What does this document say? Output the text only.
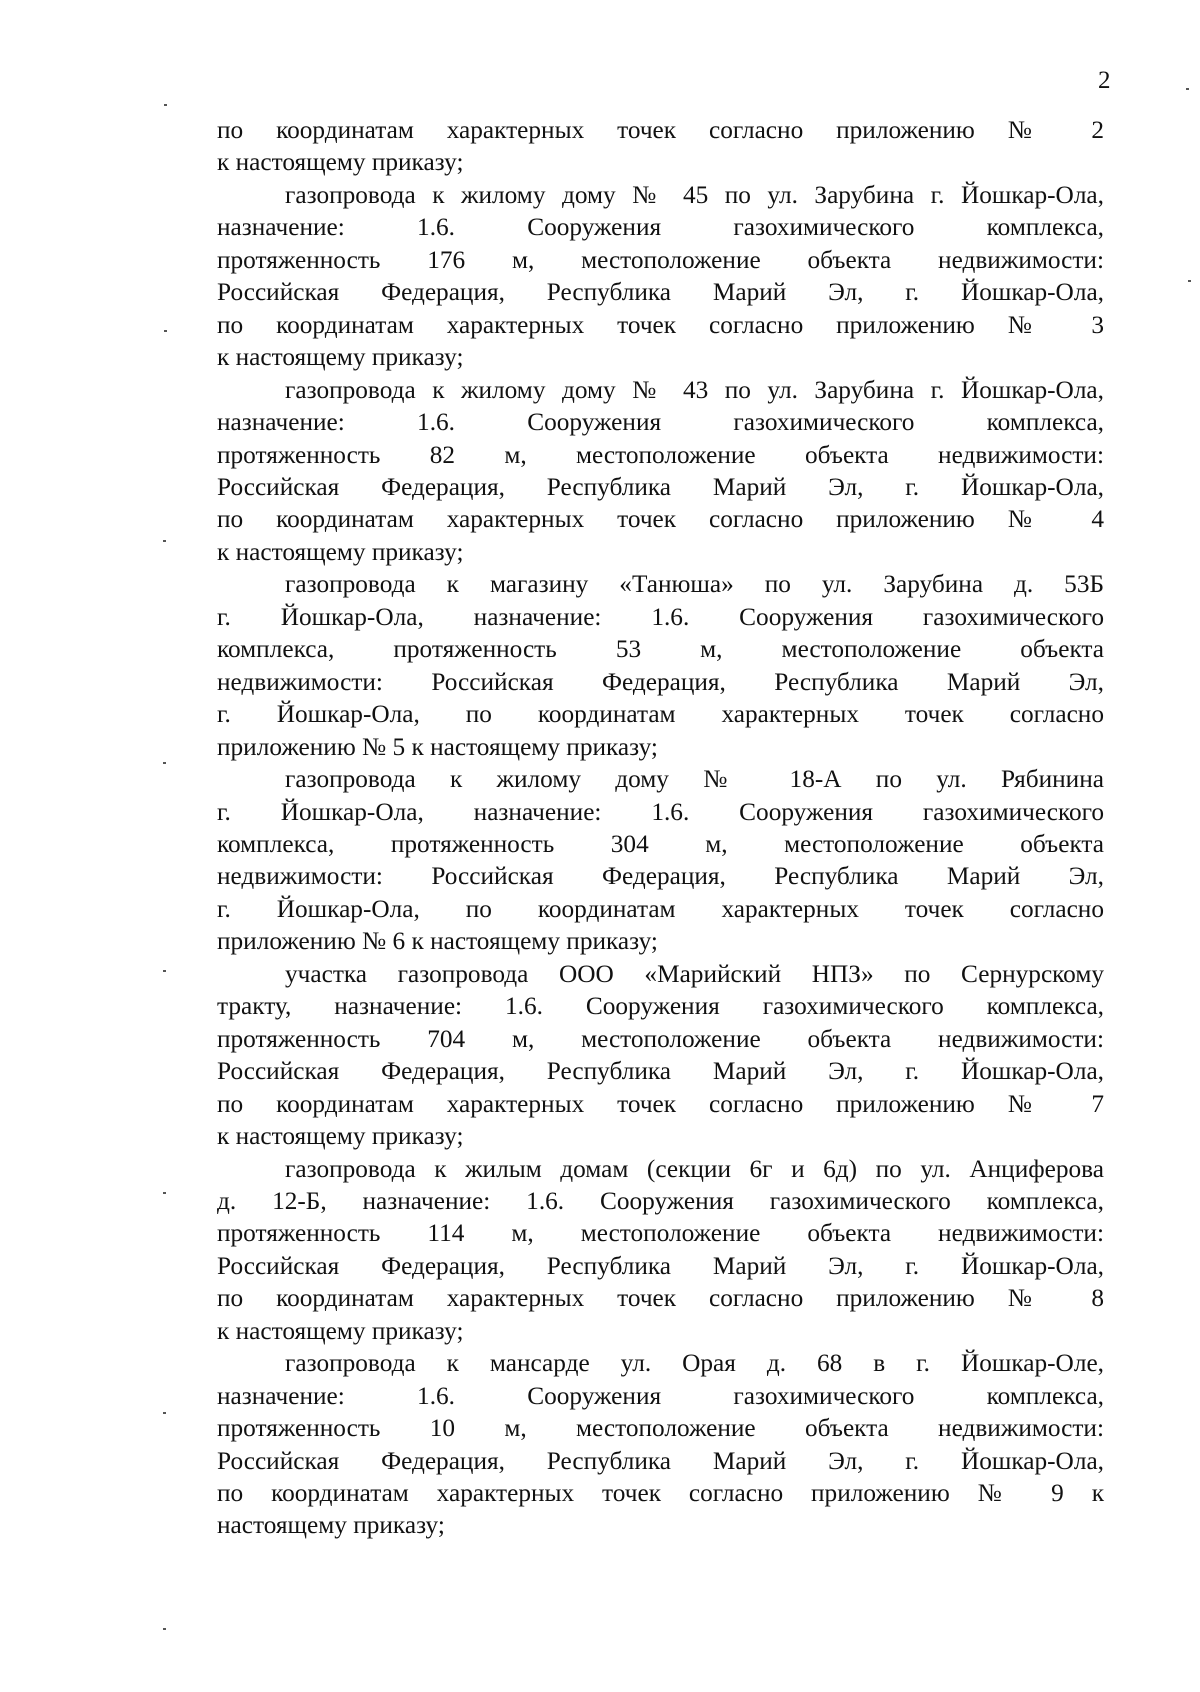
2

по координатам характерных точек согласно приложению № 2
к настоящему приказу;

газопровода к жилому дому № 45 по ул. Зарубина г. Йошкар-Ола,
назначение: 1.6. Сооружения газохимического комплекса,
протяженность 176 м, местоположение объекта недвижимости:
Российская Федерация, Республика Марий Эл, г. Йошкар-Ола,
по координатам характерных точек согласно приложению № 3
к настоящему приказу;

газопровода к жилому дому № 43 по ул. Зарубина г. Йошкар-Ола,
назначение: 1.6. Сооружения газохимического комплекса,
протяженность 82 м, местоположение объекта недвижимости:
Российская Федерация, Республика Марий Эл, г. Йошкар-Ола,
по координатам характерных точек согласно приложению № 4
к настоящему приказу;

газопровода к магазину «Танюша» по ул. Зарубина д. 53Б
г. Йошкар-Ола, назначение: 1.6. Сооружения газохимического
комплекса, протяженность 53 м, местоположение объекта
недвижимости: Российская Федерация, Республика Марий Эл,
г. Йошкар-Ола, по координатам характерных точек согласно
приложению № 5 к настоящему приказу;

газопровода к жилому дому № 18-А по ул. Рябинина
г. Йошкар-Ола, назначение: 1.6. Сооружения газохимического
комплекса, протяженность 304 м, местоположение объекта
недвижимости: Российская Федерация, Республика Марий Эл,
г. Йошкар-Ола, по координатам характерных точек согласно
приложению № 6 к настоящему приказу;

участка газопровода ООО «Марийский НПЗ» по Сернурскому
тракту, назначение: 1.6. Сооружения газохимического комплекса,
протяженность 704 м, местоположение объекта недвижимости:
Российская Федерация, Республика Марий Эл, г. Йошкар-Ола,
по координатам характерных точек согласно приложению № 7
к настоящему приказу;

газопровода к жилым домам (секции 6г и 6д) по ул. Анциферова
д. 12-Б, назначение: 1.6. Сооружения газохимического комплекса,
протяженность 114 м, местоположение объекта недвижимости:
Российская Федерация, Республика Марий Эл, г. Йошкар-Ола,
по координатам характерных точек согласно приложению № 8
к настоящему приказу;

газопровода к мансарде ул. Орая д. 68 в г. Йошкар-Оле,
назначение: 1.6. Сооружения газохимического комплекса,
протяженность 10 м, местоположение объекта недвижимости:
Российская Федерация, Республика Марий Эл, г. Йошкар-Ола,
по координатам характерных точек согласно приложению № 9 к
настоящему приказу;
